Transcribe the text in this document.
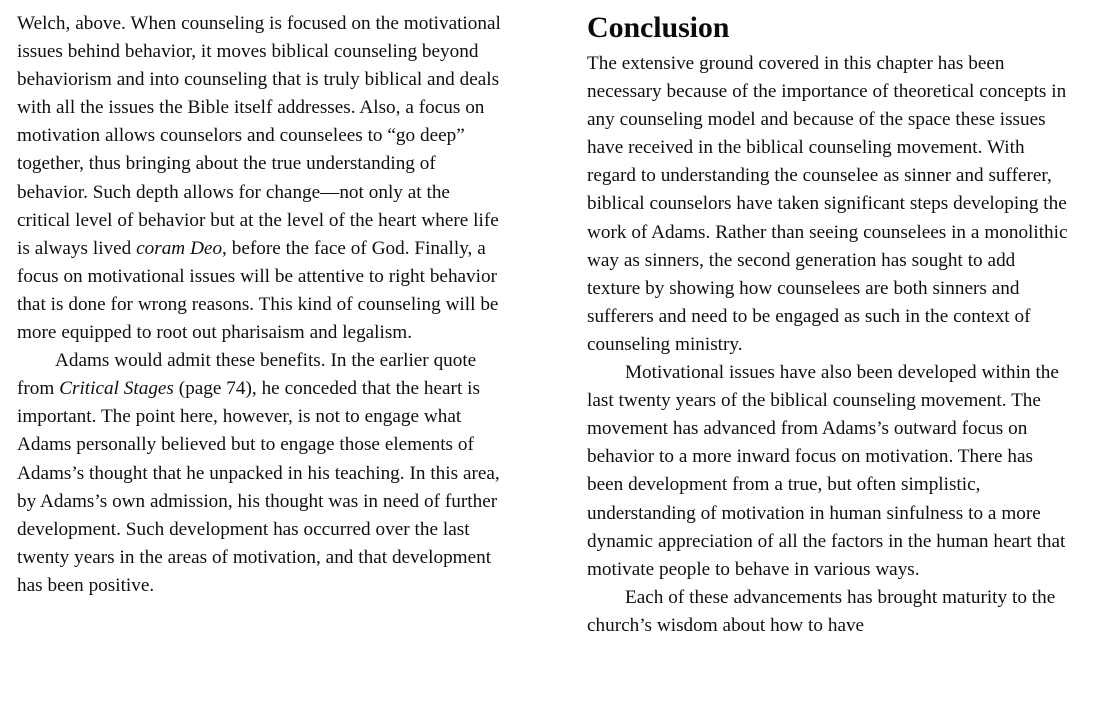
Welch, above. When counseling is focused on the motivational issues behind behavior, it moves biblical counseling beyond behaviorism and into counseling that is truly biblical and deals with all the issues the Bible itself addresses. Also, a focus on motivation allows counselors and counselees to “go deep” together, thus bringing about the true understanding of behavior. Such depth allows for change—not only at the critical level of behavior but at the level of the heart where life is always lived coram Deo, before the face of God. Finally, a focus on motivational issues will be attentive to right behavior that is done for wrong reasons. This kind of counseling will be more equipped to root out pharisaism and legalism.

Adams would admit these benefits. In the earlier quote from Critical Stages (page 74), he conceded that the heart is important. The point here, however, is not to engage what Adams personally believed but to engage those elements of Adams’s thought that he unpacked in his teaching. In this area, by Adams’s own admission, his thought was in need of further development. Such development has occurred over the last twenty years in the areas of motivation, and that development has been positive.

Conclusion

The extensive ground covered in this chapter has been necessary because of the importance of theoretical concepts in any counseling model and because of the space these issues have received in the biblical counseling movement. With regard to understanding the counselee as sinner and sufferer, biblical counselors have taken significant steps developing the work of Adams. Rather than seeing counselees in a monolithic way as sinners, the second generation has sought to add texture by showing how counselees are both sinners and sufferers and need to be engaged as such in the context of counseling ministry.

Motivational issues have also been developed within the last twenty years of the biblical counseling movement. The movement has advanced from Adams’s outward focus on behavior to a more inward focus on motivation. There has been development from a true, but often simplistic, understanding of motivation in human sinfulness to a more dynamic appreciation of all the factors in the human heart that motivate people to behave in various ways.

Each of these advancements has brought maturity to the church’s wisdom about how to have
